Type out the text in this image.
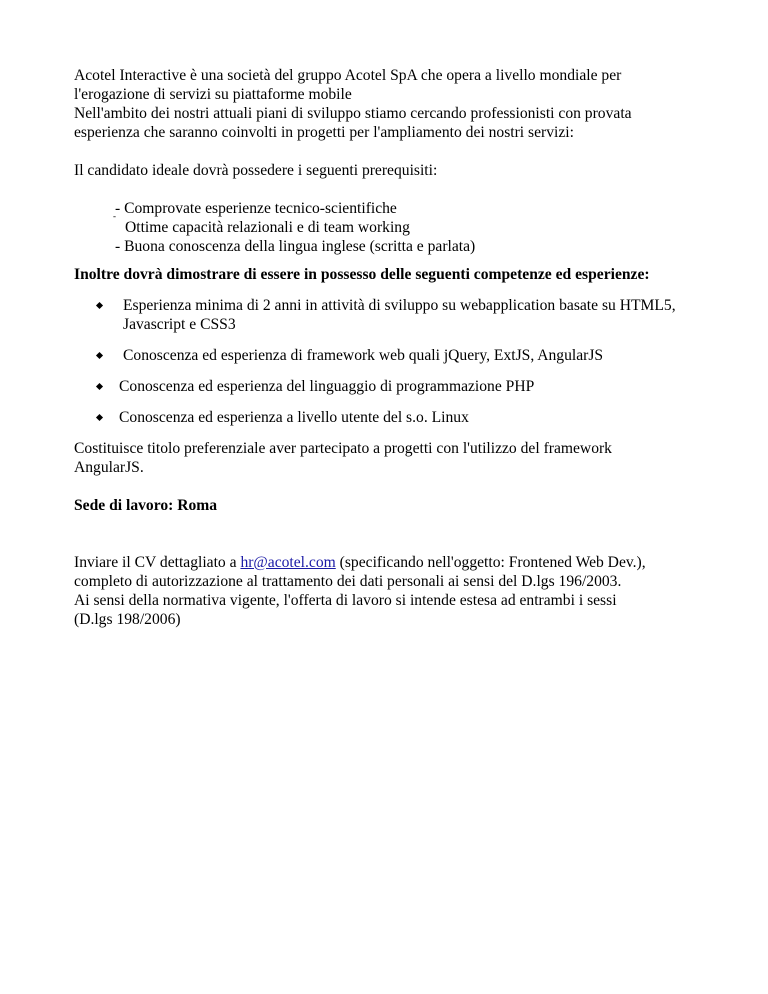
Acotel Interactive è una società del gruppo Acotel SpA che opera a livello mondiale per
l'erogazione di servizi su piattaforme mobile
Nell'ambito dei nostri attuali piani di sviluppo stiamo cercando professionisti con provata
esperienza che saranno coinvolti in progetti per l'ampliamento dei nostri servizi:

Il candidato ideale dovrà possedere i seguenti prerequisiti:

- - Comprovate esperienze tecnico-scientifiche
Ottime capacità relazionali e di team working
- Buona conoscenza della lingua inglese (scritta e parlata)

Inoltre dovrà dimostrare di essere in possesso delle seguenti competenze ed esperienze:

Esperienza minima di 2 anni in attività di sviluppo su webapplication basate su HTML5, Javascript e CSS3
Conoscenza ed esperienza di framework web quali jQuery, ExtJS, AngularJS
Conoscenza ed esperienza del linguaggio di programmazione PHP
Conoscenza ed esperienza a livello utente del s.o. Linux

Costituisce titolo preferenziale aver partecipato a progetti con l'utilizzo del framework
AngularJS.

Sede di lavoro: Roma

Inviare il CV dettagliato a hr@acotel.com (specificando nell'oggetto: Frontened Web Dev.),
completo di autorizzazione al trattamento dei dati personali ai sensi del D.lgs 196/2003.
Ai sensi della normativa vigente, l'offerta di lavoro si intende estesa ad entrambi i sessi
(D.lgs 198/2006)
